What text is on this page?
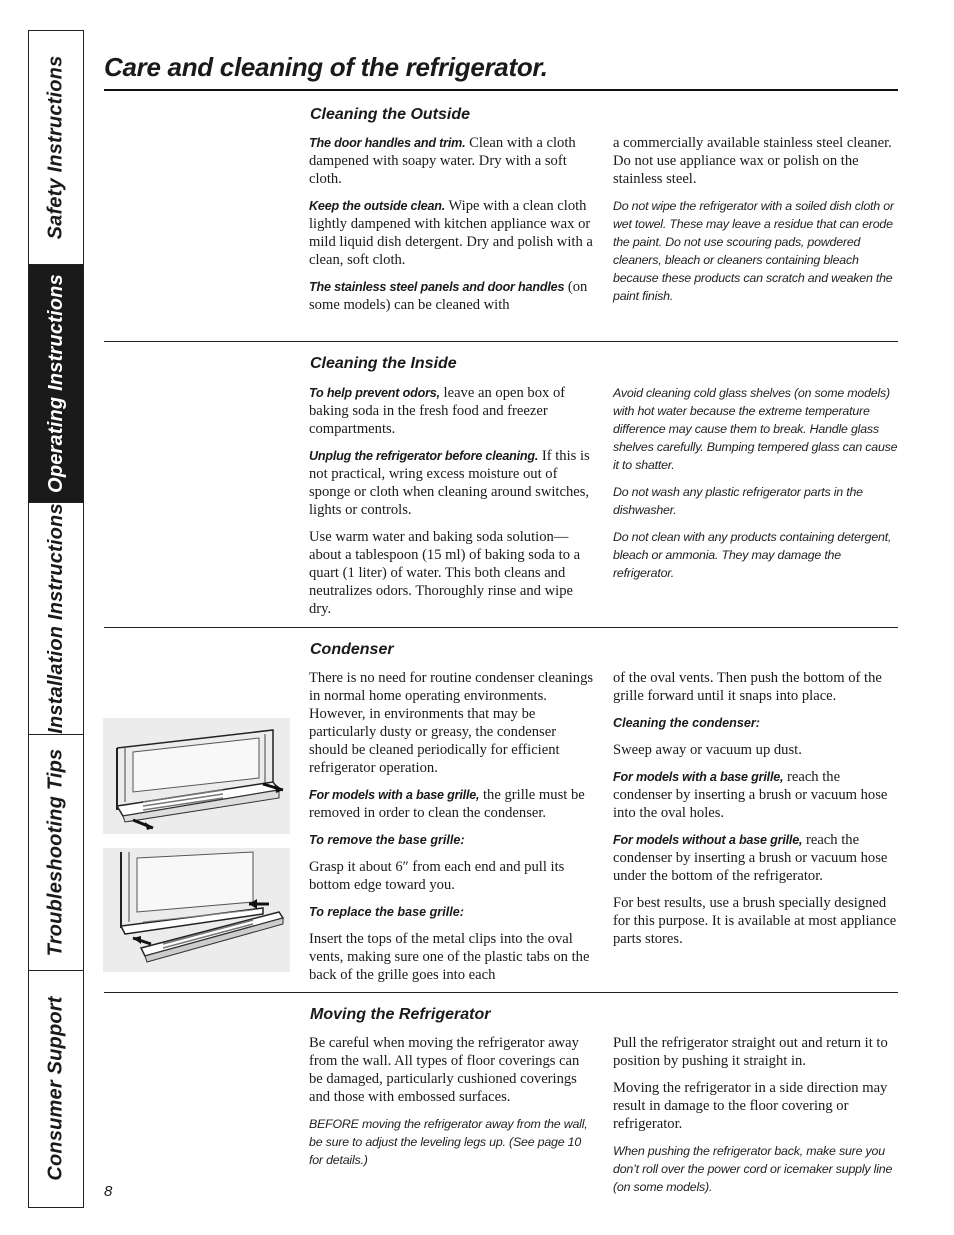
Safety Instructions
Operating Instructions
Installation Instructions
Troubleshooting Tips
Consumer Support
Care and cleaning of the refrigerator.
Cleaning the Outside

The door handles and trim. Clean with a cloth dampened with soapy water. Dry with a soft cloth.

Keep the outside clean. Wipe with a clean cloth lightly dampened with kitchen appliance wax or mild liquid dish detergent. Dry and polish with a clean, soft cloth.

The stainless steel panels and door handles (on some models) can be cleaned with

a commercially available stainless steel cleaner. Do not use appliance wax or polish on the stainless steel.

Do not wipe the refrigerator with a soiled dish cloth or wet towel. These may leave a residue that can erode the paint. Do not use scouring pads, powdered cleaners, bleach or cleaners containing bleach because these products can scratch and weaken the paint finish.

Cleaning the Inside

To help prevent odors, leave an open box of baking soda in the fresh food and freezer compartments.

Unplug the refrigerator before cleaning. If this is not practical, wring excess moisture out of sponge or cloth when cleaning around switches, lights or controls.

Use warm water and baking soda solution—about a tablespoon (15 ml) of baking soda to a quart (1 liter) of water. This both cleans and neutralizes odors. Thoroughly rinse and wipe dry.

Avoid cleaning cold glass shelves (on some models) with hot water because the extreme temperature difference may cause them to break. Handle glass shelves carefully. Bumping tempered glass can cause it to shatter.

Do not wash any plastic refrigerator parts in the dishwasher.

Do not clean with any products containing detergent, bleach or ammonia. They may damage the refrigerator.

Condenser

There is no need for routine condenser cleanings in normal home operating environments. However, in environments that may be particularly dusty or greasy, the condenser should be cleaned periodically for efficient refrigerator operation.

For models with a base grille, the grille must be removed in order to clean the condenser.

To remove the base grille:

Grasp it about 6″ from each end and pull its bottom edge toward you.

To replace the base grille:

Insert the tops of the metal clips into the oval vents, making sure one of the plastic tabs on the back of the grille goes into each

of the oval vents. Then push the bottom of the grille forward until it snaps into place.

Cleaning the condenser:

Sweep away or vacuum up dust.

For models with a base grille, reach the condenser by inserting a brush or vacuum hose into the oval holes.

For models without a base grille, reach the condenser by inserting a brush or vacuum hose under the bottom of the refrigerator.

For best results, use a brush specially designed for this purpose. It is available at most appliance parts stores.

Moving the Refrigerator

Be careful when moving the refrigerator away from the wall. All types of floor coverings can be damaged, particularly cushioned coverings and those with embossed surfaces.

BEFORE moving the refrigerator away from the wall, be sure to adjust the leveling legs up. (See page 10 for details.)

Pull the refrigerator straight out and return it to position by pushing it straight in.

Moving the refrigerator in a side direction may result in damage to the floor covering or refrigerator.

When pushing the refrigerator back, make sure you don’t roll over the power cord or icemaker supply line (on some models).

8
